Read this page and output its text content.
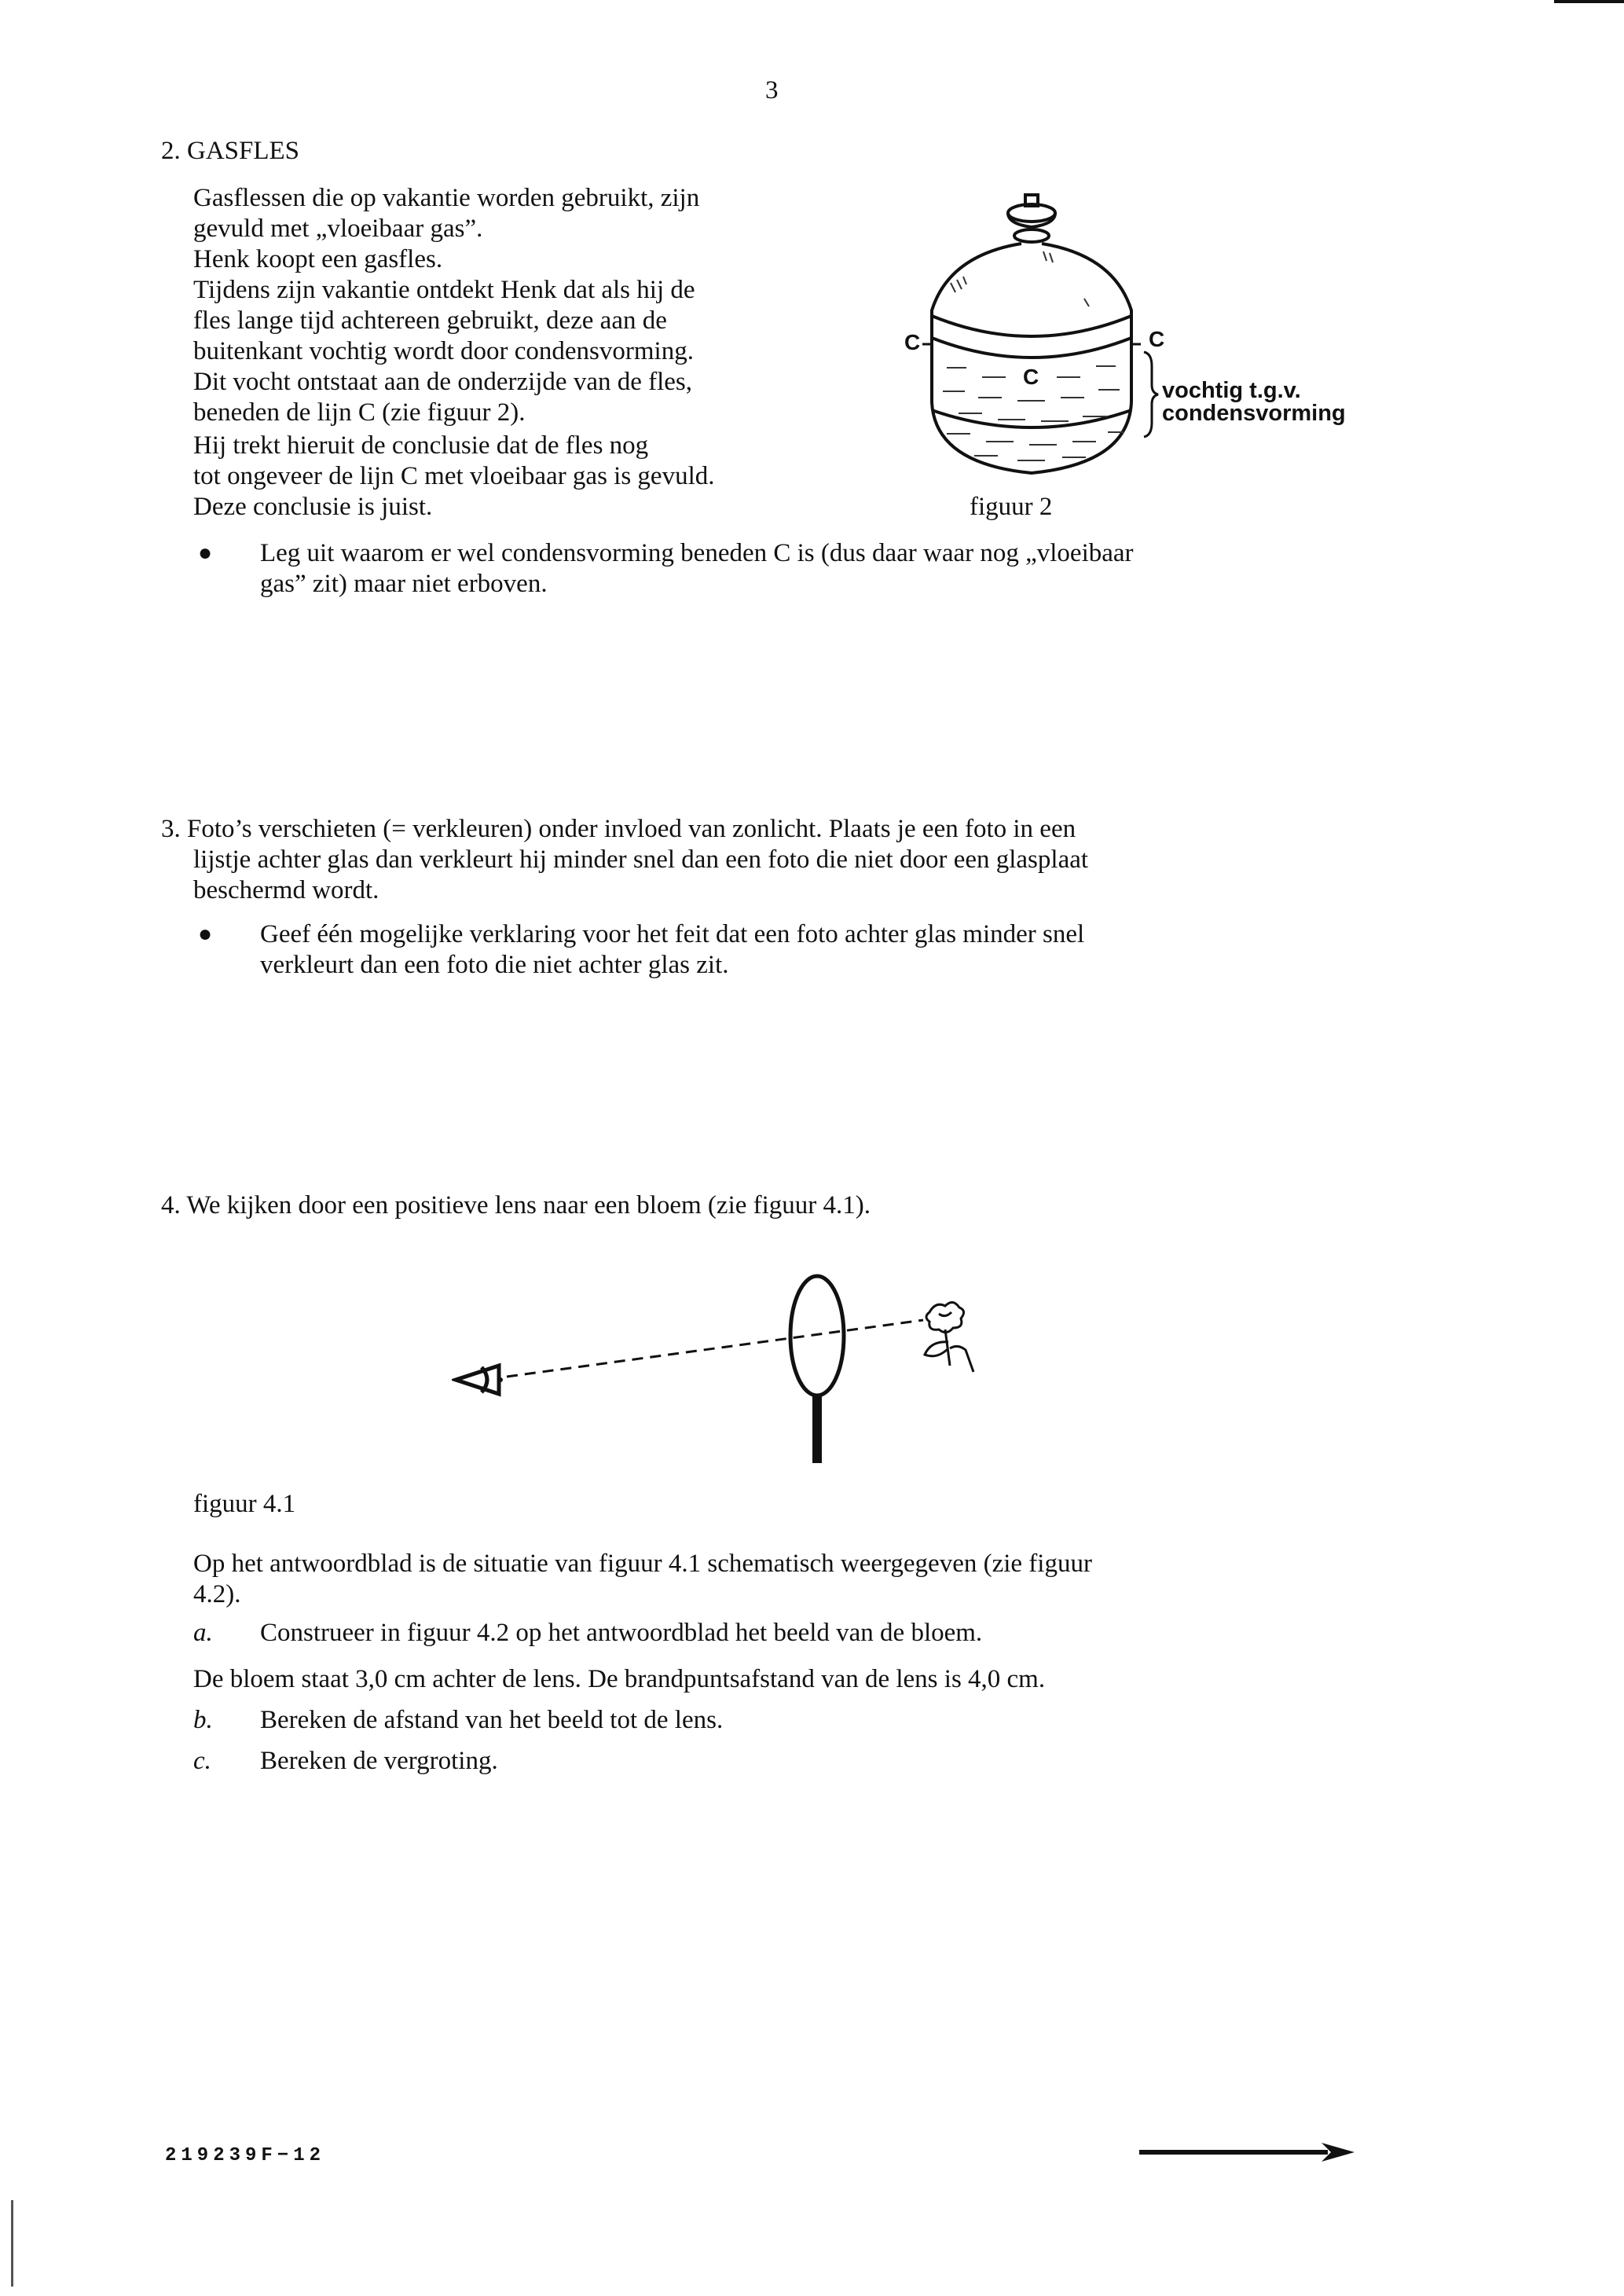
3
2. GASFLES
Gasflessen die op vakantie worden gebruikt, zijn
gevuld met „vloeibaar gas”.
Henk koopt een gasfles.
Tijdens zijn vakantie ontdekt Henk dat als hij de
fles lange tijd achtereen gebruikt, deze aan de
buitenkant vochtig wordt door condensvorming.
Dit vocht ontstaat aan de onderzijde van de fles,
beneden de lijn C (zie figuur 2).
Hij trekt hieruit de conclusie dat de fles nog
tot ongeveer de lijn C met vloeibaar gas is gevuld.
Deze conclusie is juist.
C
C
C
vochtig t.g.v.
condensvorming
figuur 2
● Leg uit waarom er wel condensvorming beneden C is (dus daar waar nog „vloeibaar
gas” zit) maar niet erboven.
3. Foto’s verschieten (= verkleuren) onder invloed van zonlicht. Plaats je een foto in een
lijstje achter glas dan verkleurt hij minder snel dan een foto die niet door een glasplaat
beschermd wordt.
● Geef één mogelijke verklaring voor het feit dat een foto achter glas minder snel
verkleurt dan een foto die niet achter glas zit.
4. We kijken door een positieve lens naar een bloem (zie figuur 4.1).
figuur 4.1
Op het antwoordblad is de situatie van figuur 4.1 schematisch weergegeven (zie figuur
4.2).
a. Construeer in figuur 4.2 op het antwoordblad het beeld van de bloem.
De bloem staat 3,0 cm achter de lens. De brandpuntsafstand van de lens is 4,0 cm.
b. Bereken de afstand van het beeld tot de lens.
c. Bereken de vergroting.
219239F−12
